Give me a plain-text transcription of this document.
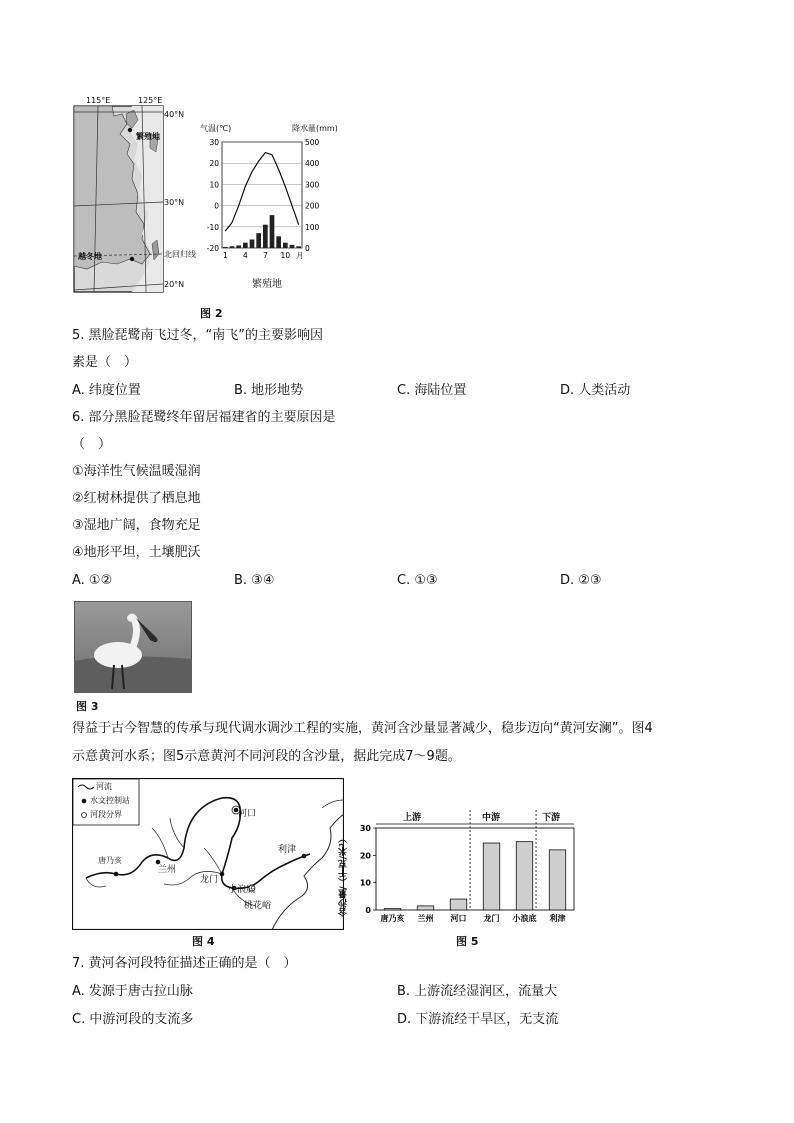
115°E	125°E
40°N
30°N
20°N
北回归线
繁殖地
越冬地
气温(℃)	降水量(mm)
30
20
10
0
-10
-20
500
400
300
200
100
0
1 4 7 10 月
繁殖地
图 2
5. 黑脸琵鹭南飞过冬，“南飞”的主要影响因
素是（　）
A. 纬度位置	B. 地形地势	C. 海陆位置	D. 人类活动
6. 部分黑脸琵鹭终年留居福建省的主要原因是
（　）
①海洋性气候温暖湿润
②红树林提供了栖息地
③湿地广阔，食物充足
④地形平坦，土壤肥沃
A. ①②	B. ③④	C. ①③	D. ②③
图 3
得益于古今智慧的传承与现代调水调沙工程的实施，黄河含沙量显著减少，稳步迈向“黄河安澜”。图4
示意黄河水系；图5示意黄河不同河段的含沙量，据此完成7～9题。
河流
水文控制站
河段分界
唐乃亥
兰州
河口
龙门
小浪底
桃花峪
利津
图 4
30
20
10
0
唐乃亥 兰州 河口 龙门 小浪底 利津
上游	中游	下游
含沙量/（千克/米³）
图 5
7. 黄河各河段特征描述正确的是（　）
A. 发源于唐古拉山脉	B. 上游流经湿润区，流量大
C. 中游河段的支流多	D. 下游流经干旱区，无支流
